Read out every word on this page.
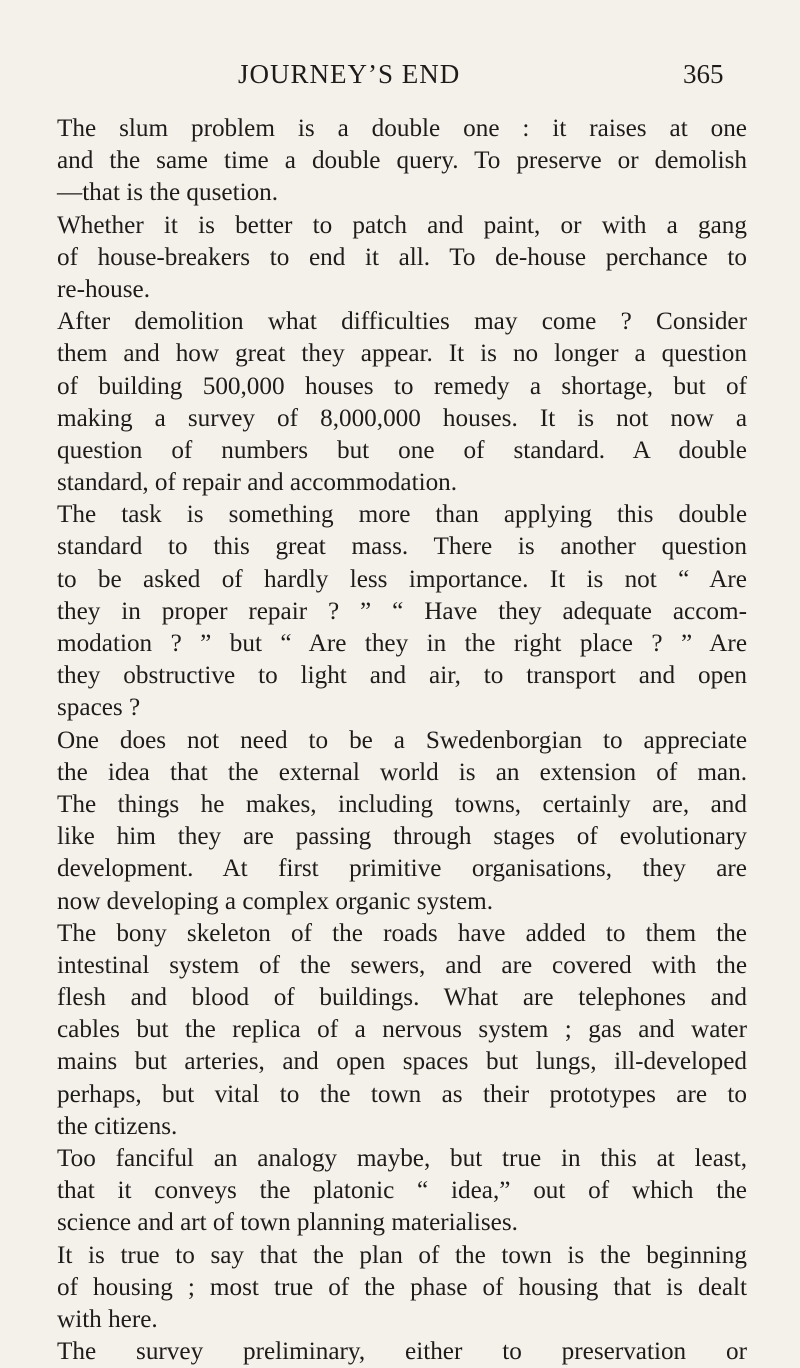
JOURNEY’S END	365
The slum problem is a double one : it raises at one
and the same time a double query. To preserve or demolish
—that is the qusetion.
Whether it is better to patch and paint, or with a gang
of house-breakers to end it all. To de-house perchance to
re-house.
After demolition what difficulties may come ? Consider
them and how great they appear. It is no longer a question
of building 500,000 houses to remedy a shortage, but of
making a survey of 8,000,000 houses. It is not now a
question of numbers but one of standard. A double
standard, of repair and accommodation.
The task is something more than applying this double
standard to this great mass. There is another question
to be asked of hardly less importance. It is not “ Are
they in proper repair ? ” “ Have they adequate accom-
modation ? ” but “ Are they in the right place ? ” Are
they obstructive to light and air, to transport and open
spaces ?
One does not need to be a Swedenborgian to appreciate
the idea that the external world is an extension of man.
The things he makes, including towns, certainly are, and
like him they are passing through stages of evolutionary
development. At first primitive organisations, they are
now developing a complex organic system.
The bony skeleton of the roads have added to them the
intestinal system of the sewers, and are covered with the
flesh and blood of buildings. What are telephones and
cables but the replica of a nervous system ; gas and water
mains but arteries, and open spaces but lungs, ill-developed
perhaps, but vital to the town as their prototypes are to
the citizens.
Too fanciful an analogy maybe, but true in this at least,
that it conveys the platonic “ idea,” out of which the
science and art of town planning materialises.
It is true to say that the plan of the town is the beginning
of housing ; most true of the phase of housing that is dealt
with here.
The survey preliminary, either to preservation or
